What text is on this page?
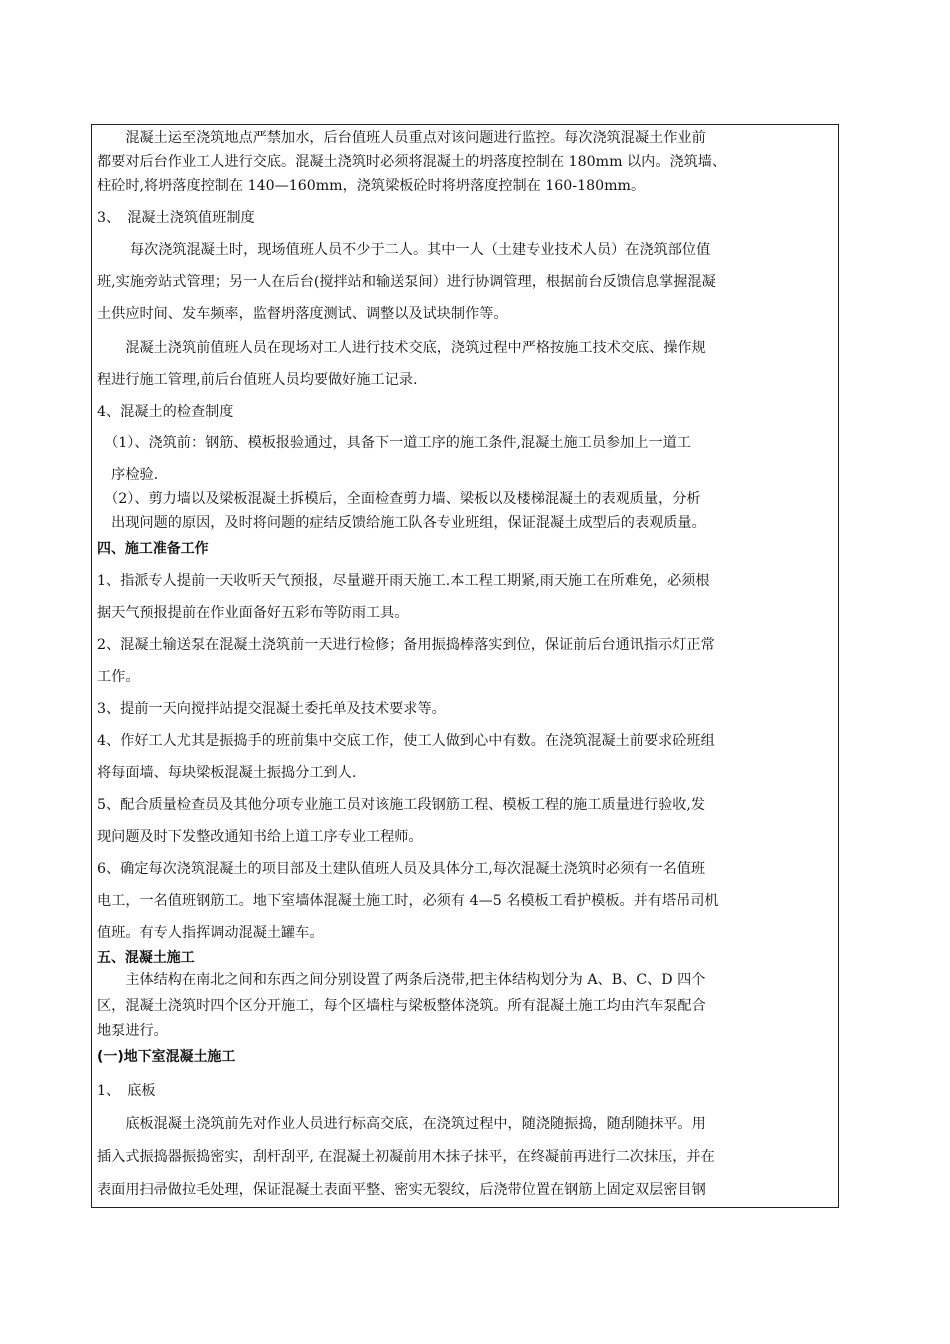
　　混凝土运至浇筑地点严禁加水，后台值班人员重点对该问题进行监控。每次浇筑混凝土作业前
都要对后台作业工人进行交底。混凝土浇筑时必须将混凝土的坍落度控制在 180mm 以内。浇筑墙、
柱砼时,将坍落度控制在 140—160mm，浇筑梁板砼时将坍落度控制在 160-180mm。
3、　混凝土浇筑值班制度
　　 每次浇筑混凝土时，现场值班人员不少于二人。其中一人（土建专业技术人员）在浇筑部位值
班,实施旁站式管理；另一人在后台(搅拌站和输送泵间）进行协调管理，根据前台反馈信息掌握混凝
土供应时间、发车频率，监督坍落度测试、调整以及试块制作等。
　　混凝土浇筑前值班人员在现场对工人进行技术交底，浇筑过程中严格按施工技术交底、操作规
程进行施工管理,前后台值班人员均要做好施工记录.
4、混凝土的检查制度
　（1）、浇筑前：钢筋、模板报验通过，具备下一道工序的施工条件,混凝土施工员参加上一道工
　序检验.
　（2）、剪力墙以及梁板混凝土拆模后，全面检查剪力墙、梁板以及楼梯混凝土的表观质量，分析
　出现问题的原因，及时将问题的症结反馈给施工队各专业班组，保证混凝土成型后的表观质量。
四、施工准备工作
1、指派专人提前一天收听天气预报，尽量避开雨天施工.本工程工期紧,雨天施工在所难免，必须根
据天气预报提前在作业面备好五彩布等防雨工具。
2、混凝土输送泵在混凝土浇筑前一天进行检修；备用振捣棒落实到位，保证前后台通讯指示灯正常
工作。
3、提前一天向搅拌站提交混凝土委托单及技术要求等。
4、作好工人尤其是振捣手的班前集中交底工作，使工人做到心中有数。在浇筑混凝土前要求砼班组
将每面墙、每块梁板混凝土振捣分工到人.
5、配合质量检查员及其他分项专业施工员对该施工段钢筋工程、模板工程的施工质量进行验收,发
现问题及时下发整改通知书给上道工序专业工程师。
6、确定每次浇筑混凝土的项目部及土建队值班人员及具体分工,每次混凝土浇筑时必须有一名值班
电工，一名值班钢筋工。地下室墙体混凝土施工时，必须有 4—5 名模板工看护模板。并有塔吊司机
值班。有专人指挥调动混凝土罐车。
五、混凝土施工
　　主体结构在南北之间和东西之间分别设置了两条后浇带,把主体结构划分为 A、B、C、D 四个
区，混凝土浇筑时四个区分开施工，每个区墙柱与梁板整体浇筑。所有混凝土施工均由汽车泵配合
地泵进行。
(一)地下室混凝土施工
1、　底板
　　底板混凝土浇筑前先对作业人员进行标高交底，在浇筑过程中，随浇随振捣，随刮随抹平。用
插入式振捣器振捣密实，刮杆刮平, 在混凝土初凝前用木抹子抹平，在终凝前再进行二次抹压，并在
表面用扫帚做拉毛处理，保证混凝土表面平整、密实无裂纹，后浇带位置在钢筋上固定双层密目钢
